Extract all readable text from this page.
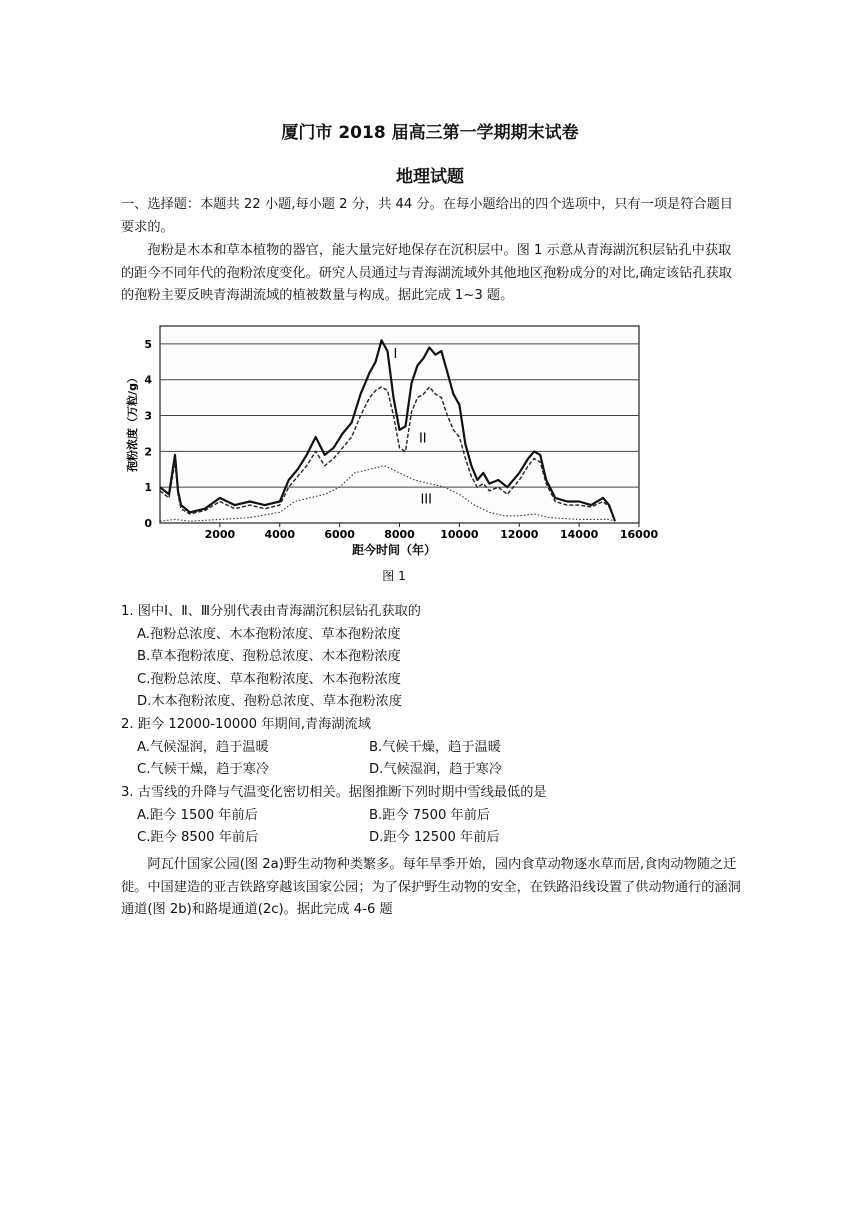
厦门市 2018 届高三第一学期期末试卷
地理试题
一、选择题：本题共 22 小题,每小题 2 分，共 44 分。在每小题给出的四个选项中，只有一项是符合题目要求的。
孢粉是木本和草本植物的器官，能大量完好地保存在沉积层中。图 1 示意从青海湖沉积层钻孔中获取的距今不同年代的孢粉浓度变化。研究人员通过与青海湖流域外其他地区孢粉成分的对比,确定该钻孔获取的孢粉主要反映青海湖流域的植被数量与构成。据此完成 1~3 题。
0
1
2
3
4
5
2000	4000	6000	8000 10000 12000 14000 16000
I
II
III
孢粉浓度（万粒/g）
距今时间（年）
图 1
1. 图中Ⅰ、Ⅱ、Ⅲ分别代表由青海湖沉积层钻孔获取的
A.孢粉总浓度、木本孢粉浓度、草本孢粉浓度
B.草本孢粉浓度、孢粉总浓度、木本孢粉浓度
C.孢粉总浓度、草本孢粉浓度、木本孢粉浓度
D.木本孢粉浓度、孢粉总浓度、草本孢粉浓度
2. 距今 12000-10000 年期间,青海湖流域
A.气候湿润，趋于温暖	B.气候干燥，趋于温暖
C.气候干燥，趋于寒冷	D.气候湿润，趋于寒冷
3. 古雪线的升降与气温变化密切相关。据图推断下列时期中雪线最低的是
A.距今 1500 年前后	B.距今 7500 年前后
C.距今 8500 年前后	D.距今 12500 年前后
阿瓦什国家公园(图 2a)野生动物种类繁多。每年旱季开始，园内食草动物逐水草而居,食肉动物随之迁徙。中国建造的亚吉铁路穿越该国家公园；为了保护野生动物的安全，在铁路沿线设置了供动物通行的涵洞通道(图 2b)和路堤通道(2c)。据此完成 4-6 题
